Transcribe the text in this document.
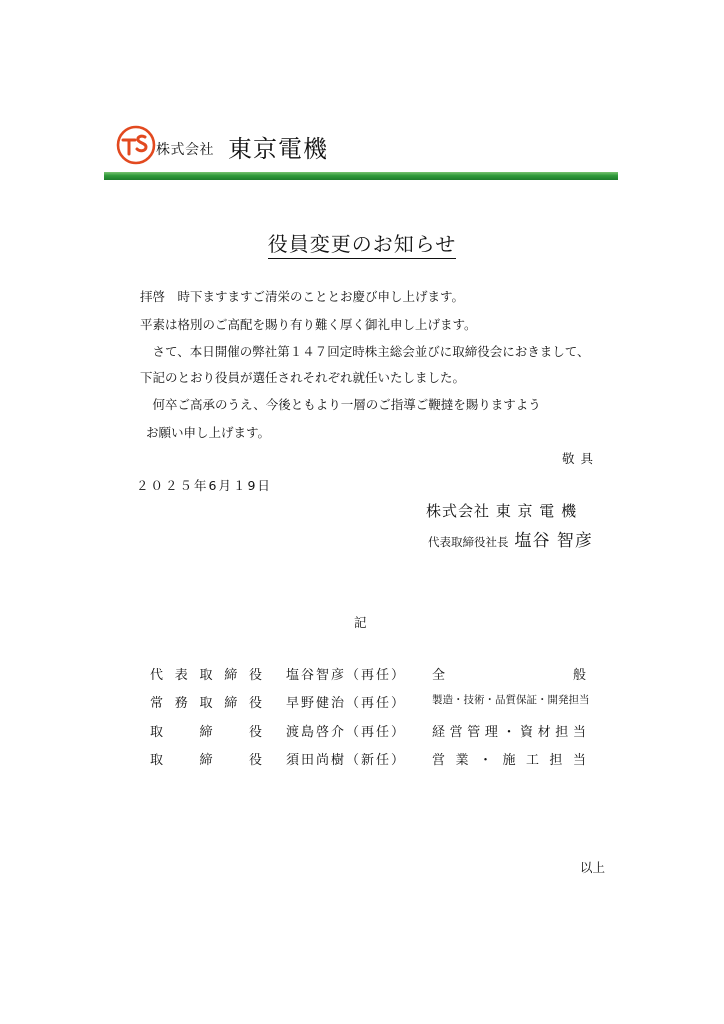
株式会社 東京電機
役員変更のお知らせ
拝啓　時下ますますご清栄のこととお慶び申し上げます。
平素は格別のご高配を賜り有り難く厚く御礼申し上げます。
　さて、本日開催の弊社第１４７回定時株主総会並びに取締役会におきまして、
下記のとおり役員が選任されそれぞれ就任いたしました。
　何卒ご高承のうえ、今後ともより一層のご指導ご鞭撻を賜りますよう
お願い申し上げます。
敬具
２０２５年6月１9日
株式会社 東 京 電 機
代表取締役社長 塩谷 智彦
記
代 表 取 締 役 塩谷智彦（再任） 全	般
常 務 取 締 役 早野健治（再任） 製造・技術・品質保証・開発担当
取	締	役 渡島啓介（再任） 経 営 管 理 ・ 資 材 担 当
取	締	役 須田尚樹（新任） 営 業 ・ 施 工 担 当
以上
